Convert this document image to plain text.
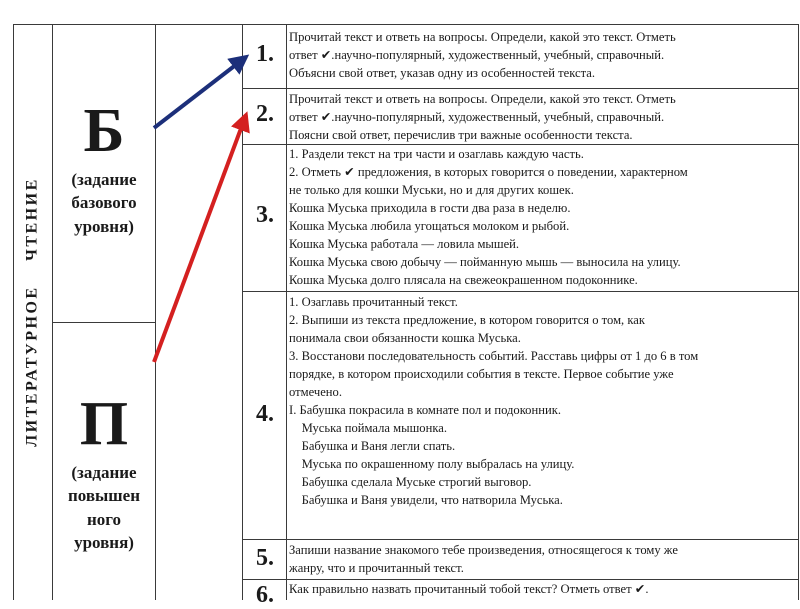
ЛИТЕРАТУРНОЕ ЧТЕНИЕ
Б
(задание
базового
уровня)
П
(задание
повышен
ного
уровня)
1.
2.
3.
4.
5.
6.
Прочитай текст и ответь на вопросы. Определи, какой это текст. Отметь
ответ ✔.научно-популярный, художественный, учебный, справочный.
Объясни свой ответ, указав одну из особенностей текста.
Прочитай текст и ответь на вопросы. Определи, какой это текст. Отметь
ответ ✔.научно-популярный, художественный, учебный, справочный.
Поясни свой ответ, перечислив три важные особенности текста.
1. Раздели текст на три части и озаглавь каждую часть.
2. Отметь ✔ предложения, в которых говорится о поведении, характерном
не только для кошки Муськи, но и для других кошек.
Кошка Муська приходила в гости два раза в неделю.
Кошка Муська любила угощаться молоком и рыбой.
Кошка Муська работала — ловила мышей.
Кошка Муська свою добычу — пойманную мышь — выносила на улицу.
Кошка Муська долго плясала на свежеокрашенном подоконнике.
1. Озаглавь прочитанный текст.
2. Выпиши из текста предложение, в котором говорится о том, как
понимала свои обязанности кошка Муська.
3. Восстанови последовательность событий. Расставь цифры от 1 до 6 в том
порядке, в котором происходили события в тексте. Первое событие уже
отмечено.
I. Бабушка покрасила в комнате пол и подоконник.
Муська поймала мышонка.
Бабушка и Ваня легли спать.
Муська по окрашенному полу выбралась на улицу.
Бабушка сделала Муське строгий выговор.
Бабушка и Ваня увидели, что натворила Муська.
Запиши название знакомого тебе произведения, относящегося к тому же
жанру, что и прочитанный текст.
Как правильно назвать прочитанный тобой текст? Отметь ответ ✔.
